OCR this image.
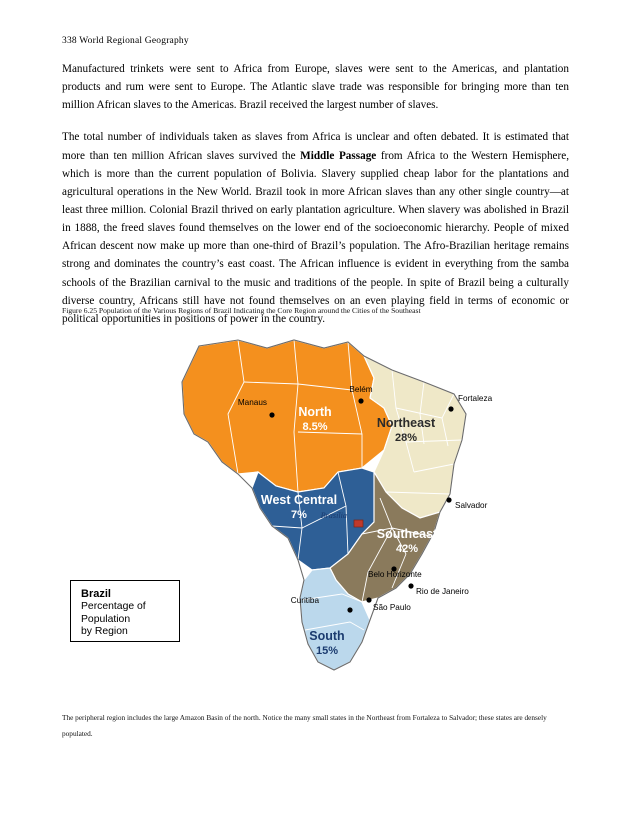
338 World Regional Geography

Manufactured trinkets were sent to Africa from Europe, slaves were sent to the Americas, and plantation products and rum were sent to Europe. The Atlantic slave trade was responsible for bringing more than ten million African slaves to the Americas. Brazil received the largest number of slaves.

The total number of individuals taken as slaves from Africa is unclear and often debated. It is estimated that more than ten million African slaves survived the Middle Passage from Africa to the Western Hemisphere, which is more than the current population of Bolivia. Slavery supplied cheap labor for the plantations and agricultural operations in the New World. Brazil took in more African slaves than any other single country—at least three million. Colonial Brazil thrived on early plantation agriculture. When slavery was abolished in Brazil in 1888, the freed slaves found themselves on the lower end of the socioeconomic hierarchy. People of mixed African descent now make up more than one-third of Brazil’s population. The Afro-Brazilian heritage remains strong and dominates the country’s east coast. The African influence is evident in everything from the samba schools of the Brazilian carnival to the music and traditions of the people. In spite of Brazil being a culturally diverse country, Africans still have not found themselves on an even playing field in terms of economic or political opportunities in positions of power in the country.

Figure 6.25 Population of the Various Regions of Brazil Indicating the Core Region around the Cities of the Southeast
North
8.5%	Northeast
28%
West Central
7%
Southeast
42%
South
15%
Manaus
Belém
Fortaleza
Salvador
Belo Horizonte
Rio de Janeiro
São Paulo
Curitiba
Brasília
Brazil
Percentage of
Population
by Region
The peripheral region includes the large Amazon Basin of the north. Notice the many small states in the Northeast from Fortaleza to Salvador; these states are densely populated.
